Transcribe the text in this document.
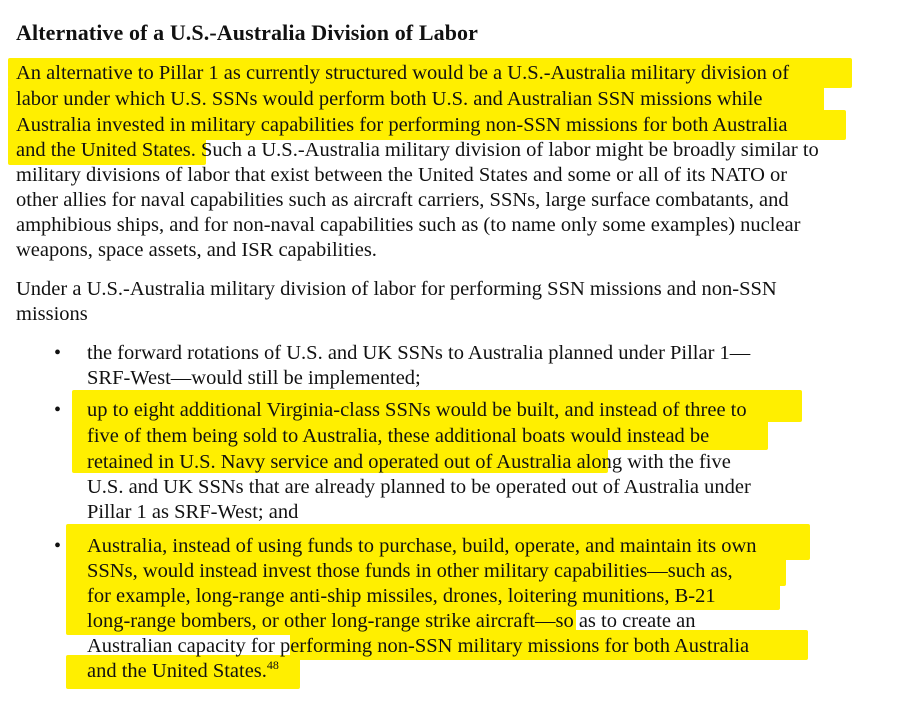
Alternative of a U.S.-Australia Division of Labor
An alternative to Pillar 1 as currently structured would be a U.S.-Australia military division of
labor under which U.S. SSNs would perform both U.S. and Australian SSN missions while
Australia invested in military capabilities for performing non-SSN missions for both Australia
and the United States. Such a U.S.-Australia military division of labor might be broadly similar to
military divisions of labor that exist between the United States and some or all of its NATO or
other allies for naval capabilities such as aircraft carriers, SSNs, large surface combatants, and
amphibious ships, and for non-naval capabilities such as (to name only some examples) nuclear
weapons, space assets, and ISR capabilities.
Under a U.S.-Australia military division of labor for performing SSN missions and non-SSN
missions
• the forward rotations of U.S. and UK SSNs to Australia planned under Pillar 1—
SRF-West—would still be implemented;
• up to eight additional Virginia-class SSNs would be built, and instead of three to
five of them being sold to Australia, these additional boats would instead be
retained in U.S. Navy service and operated out of Australia along with the five
U.S. and UK SSNs that are already planned to be operated out of Australia under
Pillar 1 as SRF-West; and
• Australia, instead of using funds to purchase, build, operate, and maintain its own
SSNs, would instead invest those funds in other military capabilities—such as,
for example, long-range anti-ship missiles, drones, loitering munitions, B-21
long-range bombers, or other long-range strike aircraft—so as to create an
Australian capacity for performing non-SSN military missions for both Australia
and the United States.$^{48}$
